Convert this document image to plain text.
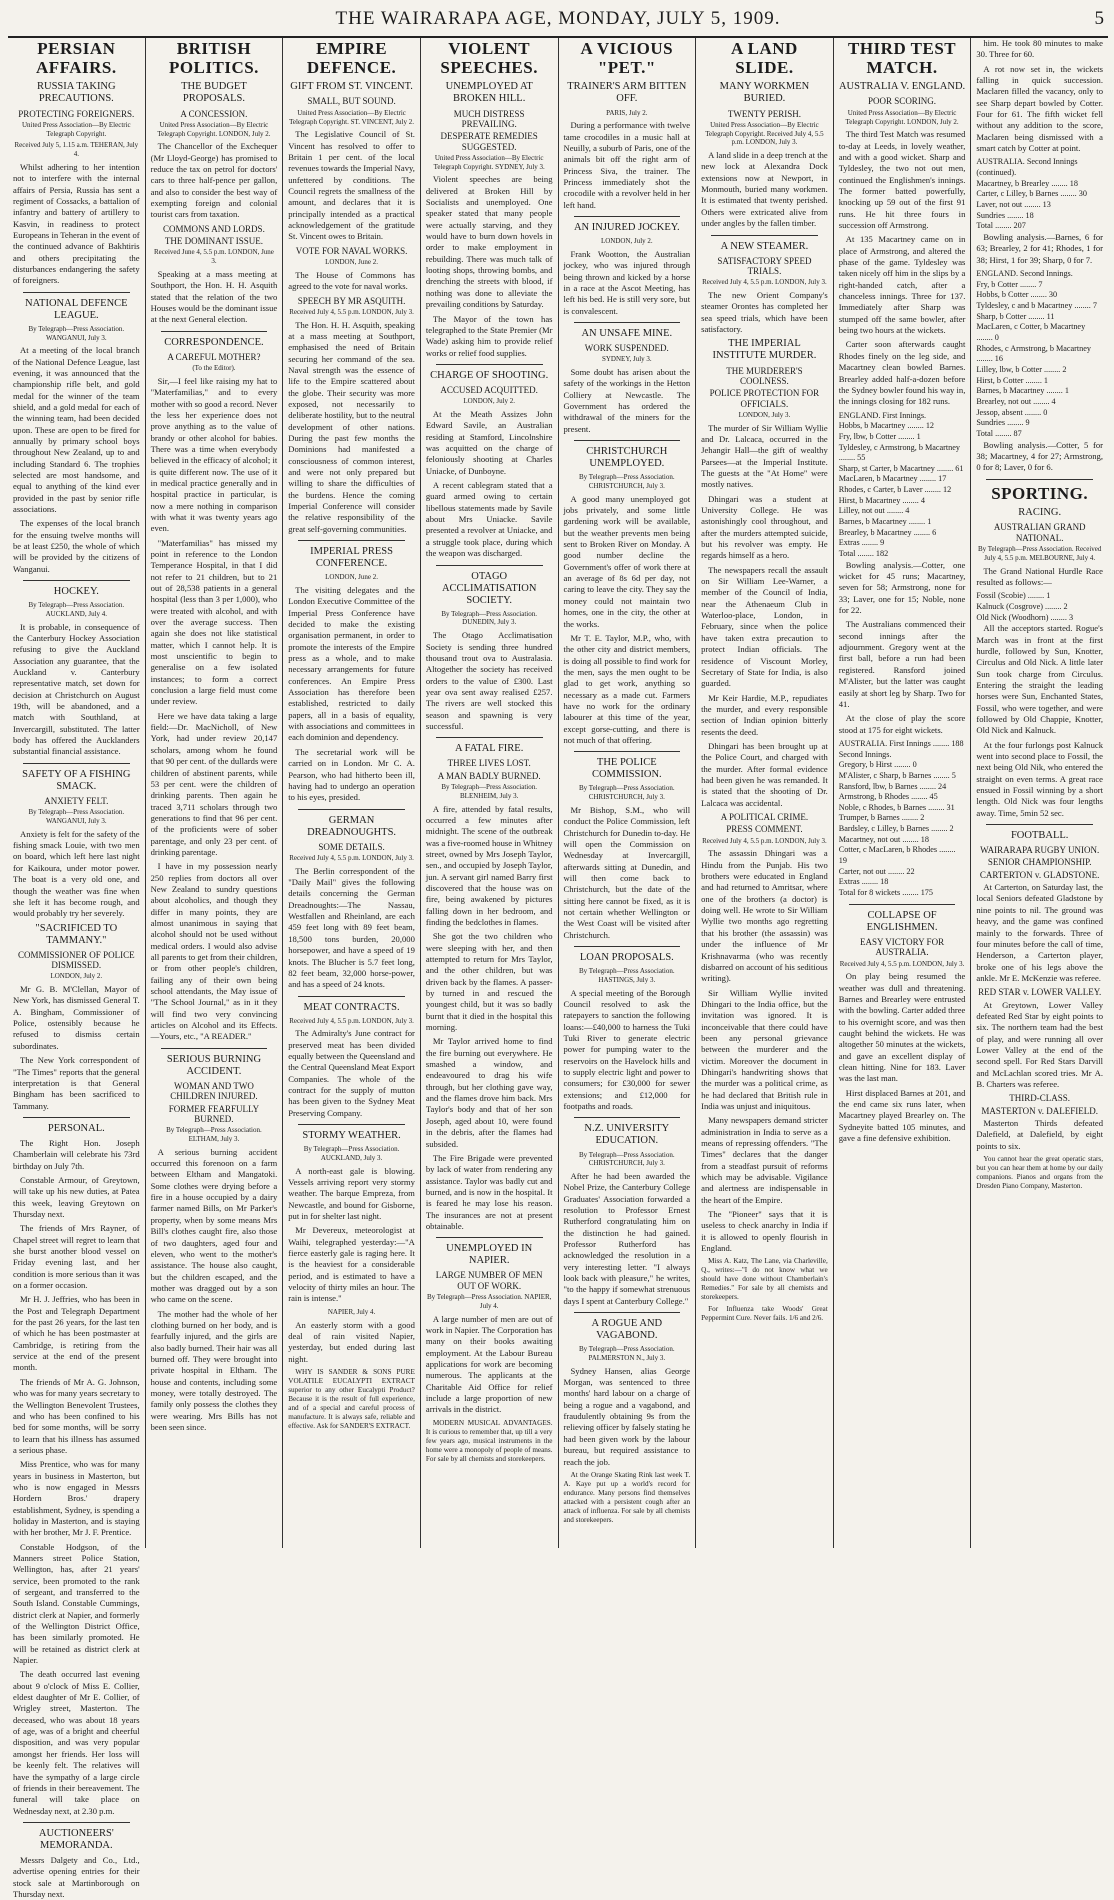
THE WAIRARAPA AGE, MONDAY, JULY 5, 1909.	5
PERSIAN AFFAIRS.
RUSSIA TAKING PRECAUTIONS.
PROTECTING FOREIGNERS.

United Press Association—By Electric Telegraph Copyright.

Received July 5, 1.15 a.m. TEHERAN, July 4.

Whilst adhering to her intention not to interfere with the internal affairs of Persia, Russia has sent a regiment of Cossacks, a battalion of infantry and battery of artillery to Kasvin, in readiness to protect Europeans in Teheran in the event of the continued advance of Bakhtiris and others precipitating the disturbances endangering the safety of foreigners.

NATIONAL DEFENCE LEAGUE.

By Telegraph—Press Association. WANGANUI, July 3.

At a meeting of the local branch of the National Defence League, last evening, it was announced that the championship rifle belt, and gold medal for the winner of the team shield, and a gold medal for each of the winning team, had been decided upon. These are open to be fired for annually by primary school boys throughout New Zealand, up to and including Standard 6. The trophies selected are most handsome, and equal to anything of the kind ever provided in the past by senior rifle associations.

The expenses of the local branch for the ensuing twelve months will be at least £250, the whole of which will be provided by the citizens of Wanganui.

HOCKEY.

By Telegraph—Press Association. AUCKLAND, July 4.

It is probable, in consequence of the Canterbury Hockey Association refusing to give the Auckland Association any guarantee, that the Auckland v. Canterbury representative match, set down for decision at Christchurch on August 19th, will be abandoned, and a match with Southland, at Invercargill, substituted. The latter body has offered the Aucklanders substantial financial assistance.

SAFETY OF A FISHING SMACK.
ANXIETY FELT.

By Telegraph—Press Association. WANGANUI, July 3.

Anxiety is felt for the safety of the fishing smack Louie, with two men on board, which left here last night for Kaikoura, under motor power. The boat is a very old one, and though the weather was fine when she left it has become rough, and would probably try her severely.

"SACRIFICED TO TAMMANY."
COMMISSIONER OF POLICE DISMISSED.

LONDON, July 2.

Mr G. B. M'Clellan, Mayor of New York, has dismissed General T. A. Bingham, Commissioner of Police, ostensibly because he refused to dismiss certain subordinates.

The New York correspondent of "The Times" reports that the general interpretation is that General Bingham has been sacrificed to Tammany.

PERSONAL.

The Right Hon. Joseph Chamberlain will celebrate his 73rd birthday on July 7th.

Constable Armour, of Greytown, will take up his new duties, at Patea this week, leaving Greytown on Thursday next.

The friends of Mrs Rayner, of Chapel street will regret to learn that she burst another blood vessel on Friday evening last, and her condition is more serious than it was on a former occasion.

Mr H. J. Jeffries, who has been in the Post and Telegraph Department for the past 26 years, for the last ten of which he has been postmaster at Cambridge, is retiring from the service at the end of the present month.

The friends of Mr A. G. Johnson, who was for many years secretary to the Wellington Benevolent Trustees, and who has been confined to his bed for some months, will be sorry to learn that his illness has assumed a serious phase.

Miss Prentice, who was for many years in business in Masterton, but who is now engaged in Messrs Hordern Bros.' drapery establishment, Sydney, is spending a holiday in Masterton, and is staying with her brother, Mr J. F. Prentice.

Constable Hodgson, of the Manners street Police Station, Wellington, has, after 21 years' service, been promoted to the rank of sergeant, and transferred to the South Island. Constable Cummings, district clerk at Napier, and formerly of the Wellington District Office, has been similarly promoted. He will be retained as district clerk at Napier.

The death occurred last evening about 9 o'clock of Miss E. Collier, eldest daughter of Mr E. Collier, of Wrigley street, Masterton. The deceased, who was about 18 years of age, was of a bright and cheerful disposition, and was very popular amongst her friends. Her loss will be keenly felt. The relatives will have the sympathy of a large circle of friends in their bereavement. The funeral will take place on Wednesday next, at 2.30 p.m.

AUCTIONEERS' MEMORANDA.

Messrs Dalgety and Co., Ltd., advertise opening entries for their stock sale at Martinborough on Thursday next.

BRITISH POLITICS.
THE BUDGET PROPOSALS.
A CONCESSION.

United Press Association—By Electric Telegraph Copyright. LONDON, July 2.

The Chancellor of the Exchequer (Mr Lloyd-George) has promised to reduce the tax on petrol for doctors' cars to three half-pence per gallon, and also to consider the best way of exempting foreign and colonial tourist cars from taxation.

COMMONS AND LORDS.
THE DOMINANT ISSUE.

Received June 4, 5.5 p.m. LONDON, June 3.

Speaking at a mass meeting at Southport, the Hon. H. H. Asquith stated that the relation of the two Houses would be the dominant issue at the next General election.

CORRESPONDENCE.
A CAREFUL MOTHER?

(To the Editor).

Sir,—I feel like raising my hat to "Materfamilias," and to every mother with so good a record. Never the less her experience does not prove anything as to the value of brandy or other alcohol for babies. There was a time when everybody believed in the efficacy of alcohol; it is quite different now. The use of it in medical practice generally and in hospital practice in particular, is now a mere nothing in comparison with what it was twenty years ago even.

"Materfamilias" has missed my point in reference to the London Temperance Hospital, in that I did not refer to 21 children, but to 21 out of 28,538 patients in a general hospital (less than 3 per 1,000), who were treated with alcohol, and with over the average success. Then again she does not like statistical matter, which I cannot help. It is most unscientific to begin to generalise on a few isolated instances; to form a correct conclusion a large field must come under review.

Here we have data taking a large field:—Dr. MacNicholl, of New York, had under review 20,147 scholars, among whom he found that 90 per cent. of the dullards were children of abstinent parents, while 53 per cent. were the children of drinking parents. Then again he traced 3,711 scholars through two generations to find that 96 per cent. of the proficients were of sober parentage, and only 23 per cent. of drinking parentage.

I have in my possession nearly 250 replies from doctors all over New Zealand to sundry questions about alcoholics, and though they differ in many points, they are almost unanimous in saying that alcohol should not be used without medical orders. I would also advise all parents to get from their children, or from other people's children, failing any of their own being school attendants, the May issue of "The School Journal," as in it they will find two very convincing articles on Alcohol and its Effects.—Yours, etc., "A READER."

SERIOUS BURNING ACCIDENT.
WOMAN AND TWO CHILDREN INJURED.
FORMER FEARFULLY BURNED.

By Telegraph—Press Association. ELTHAM, July 3.

A serious burning accident occurred this forenoon on a farm between Eltham and Mangatoki. Some clothes were drying before a fire in a house occupied by a dairy farmer named Bills, on Mr Parker's property, when by some means Mrs Bill's clothes caught fire, also those of two daughters, aged four and eleven, who went to the mother's assistance. The house also caught, but the children escaped, and the mother was dragged out by a son who came on the scene.

The mother had the whole of her clothing burned on her body, and is fearfully injured, and the girls are also badly burned. Their hair was all burned off. They were brought into private hospital in Eltham. The house and contents, including some money, were totally destroyed. The family only possess the clothes they were wearing. Mrs Bills has not been seen since.

EMPIRE DEFENCE.
GIFT FROM ST. VINCENT.
SMALL, BUT SOUND.

United Press Association—By Electric Telegraph Copyright. ST. VINCENT, July 2.

The Legislative Council of St. Vincent has resolved to offer to Britain 1 per cent. of the local revenues towards the Imperial Navy, unfettered by conditions. The Council regrets the smallness of the amount, and declares that it is principally intended as a practical acknowledgement of the gratitude St. Vincent owes to Britain.

VOTE FOR NAVAL WORKS.

LONDON, June 2.

The House of Commons has agreed to the vote for naval works.

SPEECH BY MR ASQUITH.

Received July 4, 5.5 p.m. LONDON, July 3.

The Hon. H. H. Asquith, speaking at a mass meeting at Southport, emphasised the need of Britain securing her command of the sea. Naval strength was the essence of life to the Empire scattered about the globe. Their security was more exposed, not necessarily to deliberate hostility, but to the neutral development of other nations. During the past few months the Dominions had manifested a consciousness of common interest, and were not only prepared but willing to share the difficulties of the burdens. Hence the coming Imperial Conference will consider the relative responsibility of the great self-governing communities.

IMPERIAL PRESS CONFERENCE.

LONDON, June 2.

The visiting delegates and the London Executive Committee of the Imperial Press Conference have decided to make the existing organisation permanent, in order to promote the interests of the Empire press as a whole, and to make necessary arrangements for future conferences. An Empire Press Association has therefore been established, restricted to daily papers, all in a basis of equality, with associations and committees in each dominion and dependency.

The secretarial work will be carried on in London. Mr C. A. Pearson, who had hitherto been ill, having had to undergo an operation to his eyes, presided.

GERMAN DREADNOUGHTS.
SOME DETAILS.

Received July 4, 5.5 p.m. LONDON, July 3.

The Berlin correspondent of the "Daily Mail" gives the following details concerning the German Dreadnoughts:—The Nassau, Westfallen and Rheinland, are each 459 feet long with 89 feet beam, 18,500 tons burden, 20,000 horsepower, and have a speed of 19 knots. The Blucher is 5.7 feet long, 82 feet beam, 32,000 horse-power, and has a speed of 24 knots.

MEAT CONTRACTS.

Received July 4, 5.5 p.m. LONDON, July 3.

The Admiralty's June contract for preserved meat has been divided equally between the Queensland and the Central Queensland Meat Export Companies. The whole of the contract for the supply of mutton has been given to the Sydney Meat Preserving Company.

STORMY WEATHER.

By Telegraph—Press Association. AUCKLAND, July 3.

A north-east gale is blowing. Vessels arriving report very stormy weather. The barque Empreza, from Newcastle, and bound for Gisborne, put in for shelter last night.

Mr Devereux, meteorologist at Waihi, telegraphed yesterday:—"A fierce easterly gale is raging here. It is the heaviest for a considerable period, and is estimated to have a velocity of thirty miles an hour. The rain is intense."

NAPIER, July 4.

An easterly storm with a good deal of rain visited Napier, yesterday, but ended during last night.

WHY IS SANDER & SONS PURE VOLATILE EUCALYPTI EXTRACT superior to any other Eucalypti Product? Because it is the result of full experience, and of a special and careful process of manufacture. It is always safe, reliable and effective. Ask for SANDER'S EXTRACT.

VIOLENT SPEECHES.
UNEMPLOYED AT BROKEN HILL.
MUCH DISTRESS PREVAILING.
DESPERATE REMEDIES SUGGESTED.

United Press Association—By Electric Telegraph Copyright. SYDNEY, July 3.

Violent speeches are being delivered at Broken Hill by Socialists and unemployed. One speaker stated that many people were actually starving, and they would have to burn down hovels in order to make employment in rebuilding. There was much talk of looting shops, throwing bombs, and drenching the streets with blood, if nothing was done to alleviate the prevailing conditions by Saturday.

The Mayor of the town has telegraphed to the State Premier (Mr Wade) asking him to provide relief works or relief food supplies.

CHARGE OF SHOOTING.
ACCUSED ACQUITTED.

LONDON, July 2.

At the Meath Assizes John Edward Savile, an Australian residing at Stamford, Lincolnshire was acquitted on the charge of feloniously shooting at Charles Uniacke, of Dunboyne.

A recent cablegram stated that a guard armed owing to certain libellous statements made by Savile about Mrs Uniacke. Savile presented a revolver at Uniacke, and a struggle took place, during which the weapon was discharged.

OTAGO ACCLIMATISATION SOCIETY.

By Telegraph—Press Association. DUNEDIN, July 3.

The Otago Acclimatisation Society is sending three hundred thousand trout ova to Australasia. Altogether the society has received orders to the value of £300. Last year ova sent away realised £257. The rivers are well stocked this season and spawning is very successful.

A FATAL FIRE.
THREE LIVES LOST.
A MAN BADLY BURNED.

By Telegraph—Press Association. BLENHEIM, July 3.

A fire, attended by fatal results, occurred a few minutes after midnight. The scene of the outbreak was a five-roomed house in Whitney street, owned by Mrs Joseph Taylor, sen., and occupied by Joseph Taylor, jun. A servant girl named Barry first discovered that the house was on fire, being awakened by pictures falling down in her bedroom, and finding the bedclothes in flames.

She got the two children who were sleeping with her, and then attempted to return for Mrs Taylor, and the other children, but was driven back by the flames. A passer-by turned in and rescued the youngest child, but it was so badly burnt that it died in the hospital this morning.

Mr Taylor arrived home to find the fire burning out everywhere. He smashed a window, and endeavoured to drag his wife through, but her clothing gave way, and the flames drove him back. Mrs Taylor's body and that of her son Joseph, aged about 10, were found in the debris, after the flames had subsided.

The Fire Brigade were prevented by lack of water from rendering any assistance. Taylor was badly cut and burned, and is now in the hospital. It is feared he may lose his reason. The insurances are not at present obtainable.

UNEMPLOYED IN NAPIER.
LARGE NUMBER OF MEN OUT OF WORK.

By Telegraph—Press Association. NAPIER, July 4.

A large number of men are out of work in Napier. The Corporation has many on their books awaiting employment. At the Labour Bureau applications for work are becoming numerous. The applicants at the Charitable Aid Office for relief include a large proportion of new arrivals in the district.

MODERN MUSICAL ADVANTAGES. It is curious to remember that, up till a very few years ago, musical instruments in the home were a monopoly of people of means. For sale by all chemists and storekeepers.

A VICIOUS "PET."
TRAINER'S ARM BITTEN OFF.

PARIS, July 2.

During a performance with twelve tame crocodiles in a music hall at Neuilly, a suburb of Paris, one of the animals bit off the right arm of Princess Siva, the trainer. The Princess immediately shot the crocodile with a revolver held in her left hand.

AN INJURED JOCKEY.

LONDON, July 2.

Frank Wootton, the Australian jockey, who was injured through being thrown and kicked by a horse in a race at the Ascot Meeting, has left his bed. He is still very sore, but is convalescent.

AN UNSAFE MINE.
WORK SUSPENDED.

SYDNEY, July 3.

Some doubt has arisen about the safety of the workings in the Hetton Colliery at Newcastle. The Government has ordered the withdrawal of the miners for the present.

CHRISTCHURCH UNEMPLOYED.

By Telegraph—Press Association. CHRISTCHURCH, July 3.

A good many unemployed got jobs privately, and some little gardening work will be available, but the weather prevents men being sent to Broken River on Monday. A good number decline the Government's offer of work there at an average of 8s 6d per day, not caring to leave the city. They say the money could not maintain two homes, one in the city, the other at the works.

Mr T. E. Taylor, M.P., who, with the other city and district members, is doing all possible to find work for the men, says the men ought to be glad to get work, anything so necessary as a made cut. Farmers have no work for the ordinary labourer at this time of the year, except gorse-cutting, and there is not much of that offering.

THE POLICE COMMISSION.

By Telegraph—Press Association. CHRISTCHURCH, July 3.

Mr Bishop, S.M., who will conduct the Police Commission, left Christchurch for Dunedin to-day. He will open the Commission on Wednesday at Invercargill, afterwards sitting at Dunedin, and will then come back to Christchurch, but the date of the sitting here cannot be fixed, as it is not certain whether Wellington or the West Coast will be visited after Christchurch.

LOAN PROPOSALS.

By Telegraph—Press Association. HASTINGS, July 3.

A special meeting of the Borough Council resolved to ask the ratepayers to sanction the following loans:—£40,000 to harness the Tuki Tuki River to generate electric power for pumping water to the reservoirs on the Havelock hills and to supply electric light and power to consumers; for £30,000 for sewer extensions; and £12,000 for footpaths and roads.

N.Z. UNIVERSITY EDUCATION.

By Telegraph—Press Association. CHRISTCHURCH, July 3.

After he had been awarded the Nobel Prize, the Canterbury College Graduates' Association forwarded a resolution to Professor Ernest Rutherford congratulating him on the distinction he had gained. Professor Rutherford has acknowledged the resolution in a very interesting letter. "I always look back with pleasure," he writes, "to the happy if somewhat strenuous days I spent at Canterbury College."

A ROGUE AND VAGABOND.

By Telegraph—Press Association. PALMERSTON N., July 3.

Sydney Hansen, alias George Morgan, was sentenced to three months' hard labour on a charge of being a rogue and a vagabond, and fraudulently obtaining 9s from the relieving officer by falsely stating he had been given work by the labour bureau, but required assistance to reach the job.

At the Orange Skating Rink last week T. A. Kaye put up a world's record for endurance. Many persons find themselves attacked with a persistent cough after an attack of influenza. For sale by all chemists and storekeepers.

A LAND SLIDE.
MANY WORKMEN BURIED.
TWENTY PERISH.

United Press Association—By Electric Telegraph Copyright. Received July 4, 5.5 p.m. LONDON, July 3.

A land slide in a deep trench at the new lock at Alexandra Dock extensions now at Newport, in Monmouth, buried many workmen. It is estimated that twenty perished. Others were extricated alive from under angles by the fallen timber.

A NEW STEAMER.
SATISFACTORY SPEED TRIALS.

Received July 4, 5.5 p.m. LONDON, July 3.

The new Orient Company's steamer Orontes has completed her sea speed trials, which have been satisfactory.

THE IMPERIAL INSTITUTE MURDER.
THE MURDERER'S COOLNESS.
POLICE PROTECTION FOR OFFICIALS.

LONDON, July 3.

The murder of Sir William Wyllie and Dr. Lalcaca, occurred in the Jehangir Hall—the gift of wealthy Parsees—at the Imperial Institute. The guests at the "At Home" were mostly natives.

Dhingari was a student at University College. He was astonishingly cool throughout, and after the murders attempted suicide, but his revolver was empty. He regards himself as a hero.

The newspapers recall the assault on Sir William Lee-Warner, a member of the Council of India, near the Athenaeum Club in Waterloo-place, London, in February, since when the police have taken extra precaution to protect Indian officials. The residence of Viscount Morley, Secretary of State for India, is also guarded.

Mr Keir Hardie, M.P., repudiates the murder, and every responsible section of Indian opinion bitterly resents the deed.

Dhingari has been brought up at the Police Court, and charged with the murder. After formal evidence had been given he was remanded. It is stated that the shooting of Dr. Lalcaca was accidental.

A POLITICAL CRIME.
PRESS COMMENT.

Received July 4, 5.5 p.m. LONDON, July 3.

The assassin Dhingari was a Hindu from the Punjab. His two brothers were educated in England and had returned to Amritsar, where one of the brothers (a doctor) is doing well. He wrote to Sir William Wyllie two months ago regretting that his brother (the assassin) was under the influence of Mr Krishnavarma (who was recently disbarred on account of his seditious writing).

Sir William Wyllie invited Dhingari to the India office, but the invitation was ignored. It is inconceivable that there could have been any personal grievance between the murderer and the victim. Moreover the document in Dhingari's handwriting shows that the murder was a political crime, as he had declared that British rule in India was unjust and iniquitous.

Many newspapers demand stricter administration in India to serve as a means of repressing offenders. "The Times" declares that the danger from a steadfast pursuit of reforms which may be advisable. Vigilance and alertness are indispensable in the heart of the Empire.

The "Pioneer" says that it is useless to check anarchy in India if it is allowed to openly flourish in England.

Miss A. Katz, The Lane, via Charleville, Q., writes:—"I do not know what we should have done without Chamberlain's Remedies." For sale by all chemists and storekeepers.

For Influenza take Woods' Great Peppermint Cure. Never fails. 1/6 and 2/6.

THIRD TEST MATCH.
AUSTRALIA V. ENGLAND.
POOR SCORING.

United Press Association—By Electric Telegraph Copyright. LONDON, July 2.

The third Test Match was resumed to-day at Leeds, in lovely weather, and with a good wicket. Sharp and Tyldesley, the two not out men, continued the Englishmen's innings. The former batted powerfully, knocking up 59 out of the first 91 runs. He hit three fours in succession off Armstrong.

At 135 Macartney came on in place of Armstrong, and altered the phase of the game. Tyldesley was taken nicely off him in the slips by a right-handed catch, after a chanceless innings. Three for 137. Immediately after Sharp was stumped off the same bowler, after being two hours at the wickets.

Carter soon afterwards caught Rhodes finely on the leg side, and Macartney clean bowled Barnes. Brearley added half-a-dozen before the Sydney bowler found his way in, the innings closing for 182 runs.

ENGLAND. First Innings.

Hobbs, b Macartney ........ 12

Fry, lbw, b Cotter ........ 1

Tyldesley, c Armstrong, b Macartney ........ 55

Sharp, st Carter, b Macartney ........ 61

MacLaren, b Macartney ........ 17

Rhodes, c Carter, b Laver ........ 12

Hirst, b Macartney ........ 4

Lilley, not out ........ 4

Barnes, b Macartney ........ 1

Brearley, b Macartney ........ 6

Extras ........ 9

Total ........ 182

Bowling analysis.—Cotter, one wicket for 45 runs; Macartney, seven for 58; Armstrong, none for 33; Laver, one for 15; Noble, none for 22.

The Australians commenced their second innings after the adjournment. Gregory went at the first ball, before a run had been registered. Ransford joined M'Alister, but the latter was caught easily at short leg by Sharp. Two for 41.

At the close of play the score stood at 175 for eight wickets.

AUSTRALIA. First Innings ........ 188

Second Innings.

Gregory, b Hirst ........ 0

M'Alister, c Sharp, b Barnes ........ 5

Ransford, lbw, b Barnes ........ 24

Armstrong, b Rhodes ........ 45

Noble, c Rhodes, b Barnes ........ 31

Trumper, b Barnes ........ 2

Bardsley, c Lilley, b Barnes ........ 2

Macartney, not out ........ 18

Cotter, c MacLaren, b Rhodes ........ 19

Carter, not out ........ 22

Extras ........ 18

Total for 8 wickets ........ 175

COLLAPSE OF ENGLISHMEN.
EASY VICTORY FOR AUSTRALIA.

Received July 4, 5.5 p.m. LONDON, July 3.

On play being resumed the weather was dull and threatening. Barnes and Brearley were entrusted with the bowling. Carter added three to his overnight score, and was then caught behind the wickets. He was altogether 50 minutes at the wickets, and gave an excellent display of clean hitting. Nine for 183. Laver was the last man.

Hirst displaced Barnes at 201, and the end came six runs later, when Macartney played Brearley on. The Sydneyite batted 105 minutes, and gave a fine defensive exhibition.

him. He took 80 minutes to make 30. Three for 60.

A rot now set in, the wickets falling in quick succession. Maclaren filled the vacancy, only to see Sharp depart bowled by Cotter. Four for 61. The fifth wicket fell without any addition to the score, Maclaren being dismissed with a smart catch by Cotter at point.

AUSTRALIA. Second Innings (continued).

Macartney, b Brearley ........ 18

Carter, c Lilley, b Barnes ........ 30

Laver, not out ........ 13

Sundries ........ 18

Total ........ 207

Bowling analysis.—Barnes, 6 for 63; Brearley, 2 for 41; Rhodes, 1 for 38; Hirst, 1 for 39; Sharp, 0 for 7.

ENGLAND. Second Innings.

Fry, b Cotter ........ 7

Hobbs, b Cotter ........ 30

Tyldesley, c and b Macartney ........ 7

Sharp, b Cotter ........ 11

MacLaren, c Cotter, b Macartney ........ 0

Rhodes, c Armstrong, b Macartney ........ 16

Lilley, lbw, b Cotter ........ 2

Hirst, b Cotter ........ 1

Barnes, b Macartney ........ 1

Brearley, not out ........ 4

Jessop, absent ........ 0

Sundries ........ 9

Total ........ 87

Bowling analysis.—Cotter, 5 for 38; Macartney, 4 for 27; Armstrong, 0 for 8; Laver, 0 for 6.

SPORTING.
RACING.
AUSTRALIAN GRAND NATIONAL.

By Telegraph—Press Association. Received July 4, 5.5 p.m. MELBOURNE, July 4.

The Grand National Hurdle Race resulted as follows:—

Fossil (Scobie) ........ 1

Kalnuck (Cosgrove) ........ 2

Old Nick (Woodhorn) ........ 3

All the acceptors started. Rogue's March was in front at the first hurdle, followed by Sun, Knotter, Circulus and Old Nick. A little later Sun took charge from Circulus. Entering the straight the leading horses were Sun, Enchanted States, Fossil, who were together, and were followed by Old Chappie, Knotter, Old Nick and Kalnuck.

At the four furlongs post Kalnuck went into second place to Fossil, the next being Old Nik, who entered the straight on even terms. A great race ensued in Fossil winning by a short length. Old Nick was four lengths away. Time, 5min 52 sec.

FOOTBALL.
WAIRARAPA RUGBY UNION.
SENIOR CHAMPIONSHIP.
CARTERTON v. GLADSTONE.

At Carterton, on Saturday last, the local Seniors defeated Gladstone by nine points to nil. The ground was heavy, and the game was confined mainly to the forwards. Three of four minutes before the call of time, Henderson, a Carterton player, broke one of his legs above the ankle. Mr E. McKenzie was referee.

RED STAR v. LOWER VALLEY.

At Greytown, Lower Valley defeated Red Star by eight points to six. The northern team had the best of play, and were running all over Lower Valley at the end of the second spell. For Red Stars Darvill and McLachlan scored tries. Mr A. B. Charters was referee.

THIRD-CLASS.
MASTERTON v. DALEFIELD.

Masterton Thirds defeated Dalefield, at Dalefield, by eight points to six.

You cannot hear the great operatic stars, but you can hear them at home by our daily companions. Pianos and organs from the Dresden Piano Company, Masterton.
